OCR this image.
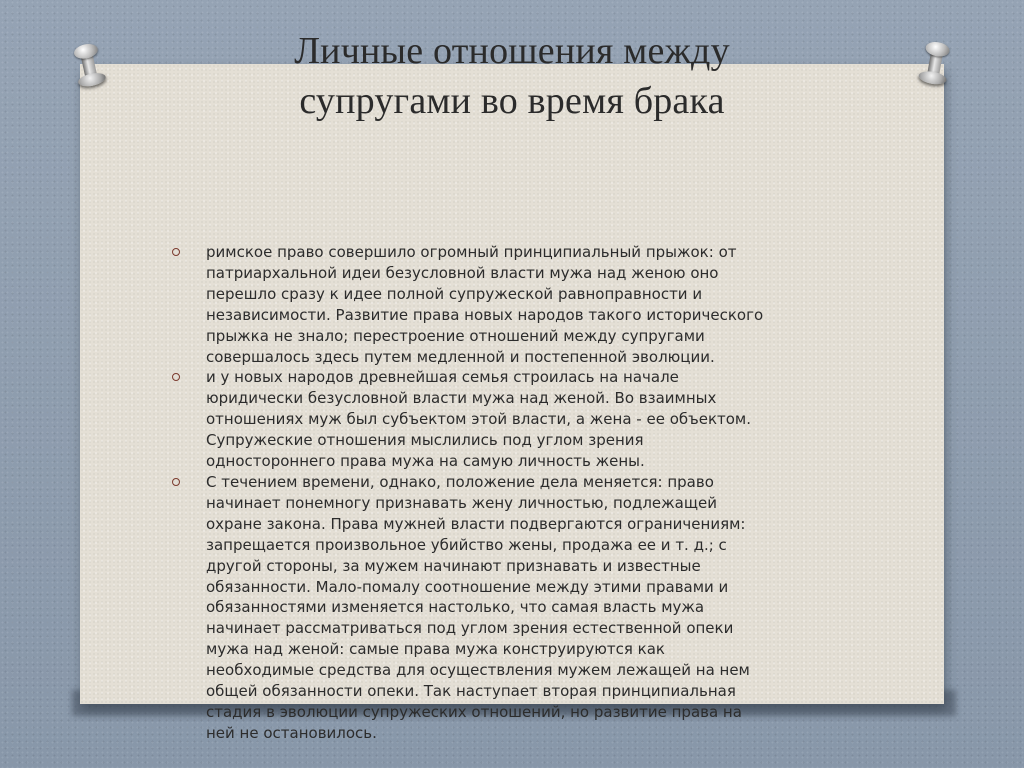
Личные отношения между
супругами во время брака
римское право совершило огромный принципиальный прыжок: от
патриархальной идеи безусловной власти мужа над женою оно
перешло сразу к идее полной супружеской равноправности и
независимости. Развитие права новых народов такого исторического
прыжка не знало; перестроение отношений между супругами
совершалось здесь путем медленной и постепенной эволюции.
и у новых народов древнейшая семья строилась на начале
юридически безусловной власти мужа над женой. Во взаимных
отношениях муж был субъектом этой власти, а жена - ее объектом.
Супружеские отношения мыслились под углом зрения
одностороннего права мужа на самую личность жены.
С течением времени, однако, положение дела меняется: право
начинает понемногу признавать жену личностью, подлежащей
охране закона. Права мужней власти подвергаются ограничениям:
запрещается произвольное убийство жены, продажа ее и т. д.; с
другой стороны, за мужем начинают признавать и известные
обязанности. Мало-помалу соотношение между этими правами и
обязанностями изменяется настолько, что самая власть мужа
начинает рассматриваться под углом зрения естественной опеки
мужа над женой: самые права мужа конструируются как
необходимые средства для осуществления мужем лежащей на нем
общей обязанности опеки. Так наступает вторая принципиальная
стадия в эволюции супружеских отношений, но развитие права на
ней не остановилось.
